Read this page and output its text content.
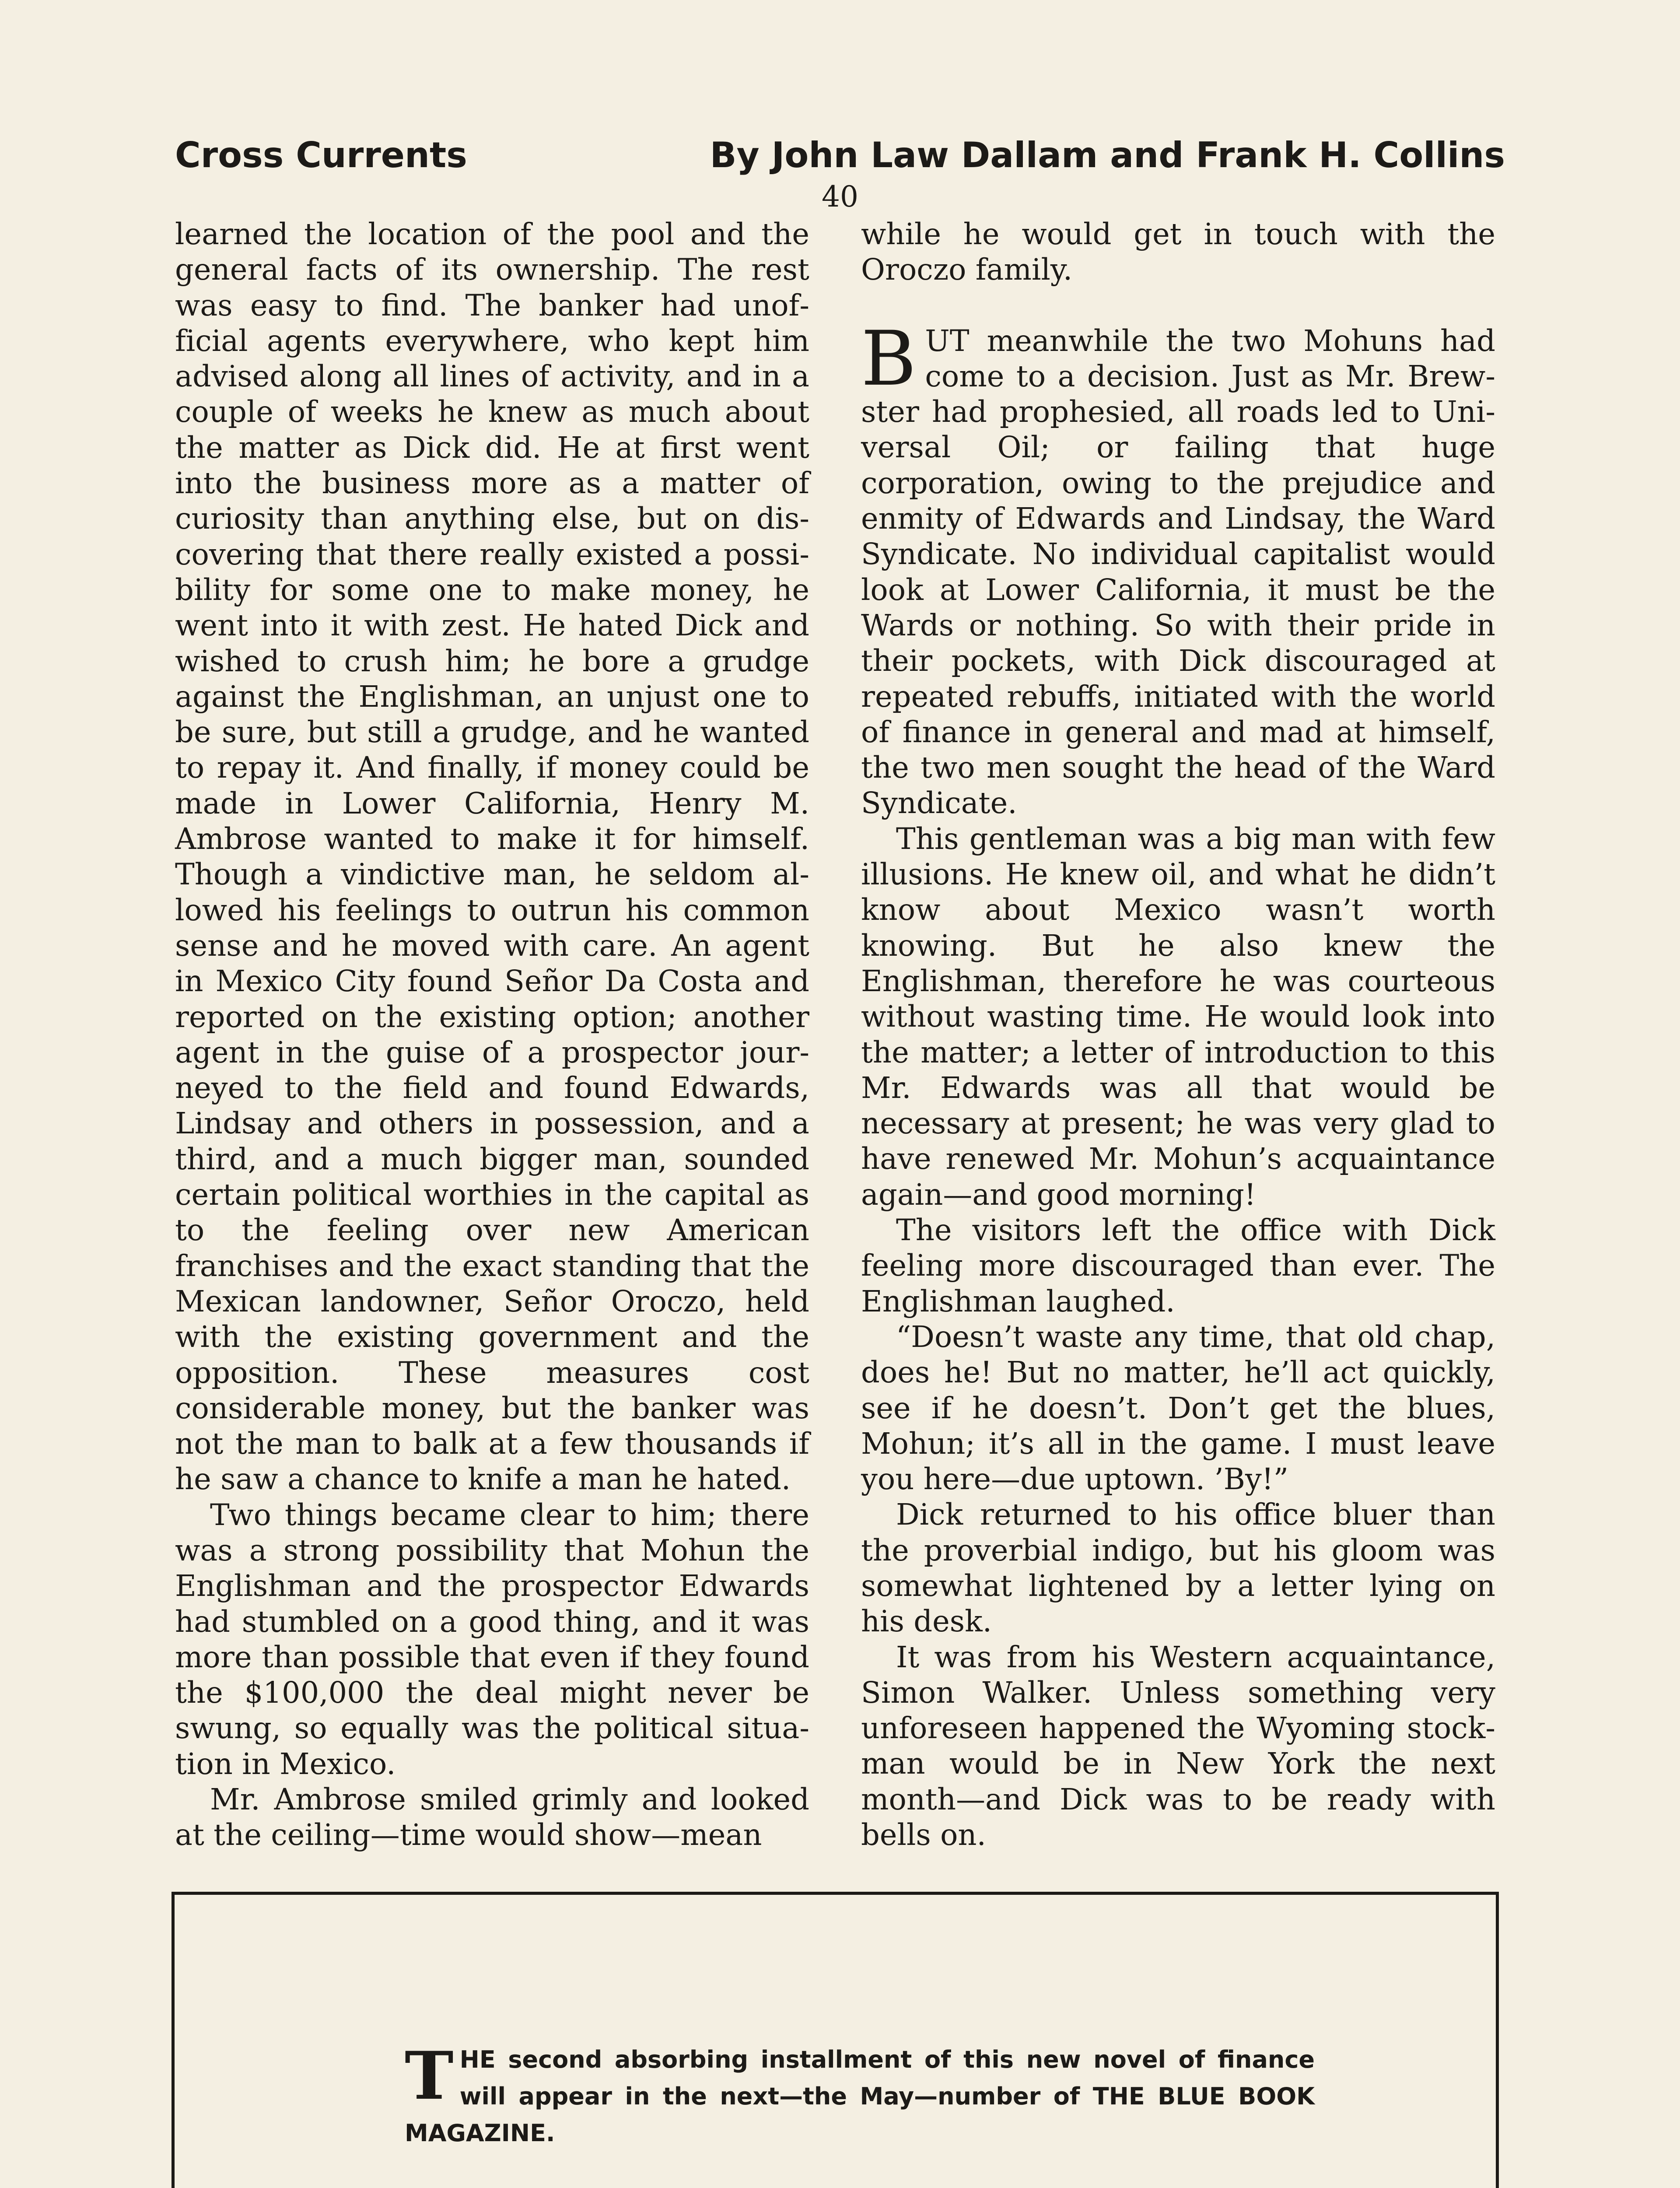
Cross Currents	By John Law Dallam and Frank H. Collins
40

learned the location of the pool and the general facts of its ownership. The rest was easy to find. The banker had unofficial agents everywhere, who kept him advised along all lines of activity, and in a couple of weeks he knew as much about the matter as Dick did. He at first went into the business more as a matter of curiosity than anything else, but on discovering that there really existed a possibility for some one to make money, he went into it with zest. He hated Dick and wished to crush him; he bore a grudge against the Englishman, an unjust one to be sure, but still a grudge, and he wanted to repay it. And finally, if money could be made in Lower California, Henry M. Ambrose wanted to make it for himself. Though a vindictive man, he seldom allowed his feelings to outrun his common sense and he moved with care. An agent in Mexico City found Señor Da Costa and reported on the existing option; another agent in the guise of a prospector journeyed to the field and found Edwards, Lindsay and others in possession, and a third, and a much bigger man, sounded certain political worthies in the capital as to the feeling over new American franchises and the exact standing that the Mexican landowner, Señor Oroczo, held with the existing government and the opposition. These measures cost considerable money, but the banker was not the man to balk at a few thousands if he saw a chance to knife a man he hated.

Two things became clear to him; there was a strong possibility that Mohun the Englishman and the prospector Edwards had stumbled on a good thing, and it was more than possible that even if they found the $100,000 the deal might never be swung, so equally was the political situation in Mexico.

Mr. Ambrose smiled grimly and looked at the ceiling—time would show—mean

while he would get in touch with the Oroczo family.

BUT meanwhile the two Mohuns had come to a decision. Just as Mr. Brewster had prophesied, all roads led to Universal Oil; or failing that huge corporation, owing to the prejudice and enmity of Edwards and Lindsay, the Ward Syndicate. No individual capitalist would look at Lower California, it must be the Wards or nothing. So with their pride in their pockets, with Dick discouraged at repeated rebuffs, initiated with the world of finance in general and mad at himself, the two men sought the head of the Ward Syndicate.

This gentleman was a big man with few illusions. He knew oil, and what he didn’t know about Mexico wasn’t worth knowing. But he also knew the Englishman, therefore he was courteous without wasting time. He would look into the matter; a letter of introduction to this Mr. Edwards was all that would be necessary at present; he was very glad to have renewed Mr. Mohun’s acquaintance again—and good morning!

The visitors left the office with Dick feeling more discouraged than ever. The Englishman laughed.

“Doesn’t waste any time, that old chap, does he! But no matter, he’ll act quickly, see if he doesn’t. Don’t get the blues, Mohun; it’s all in the game. I must leave you here—due uptown. ’By!”

Dick returned to his office bluer than the proverbial indigo, but his gloom was somewhat lightened by a letter lying on his desk.

It was from his Western acquaintance, Simon Walker. Unless something very unforeseen happened the Wyoming stockman would be in New York the next month—and Dick was to be ready with bells on.

THE second absorbing installment of this new novel of finance will appear in the next—the May—number of THE BLUE BOOK MAGAZINE.
